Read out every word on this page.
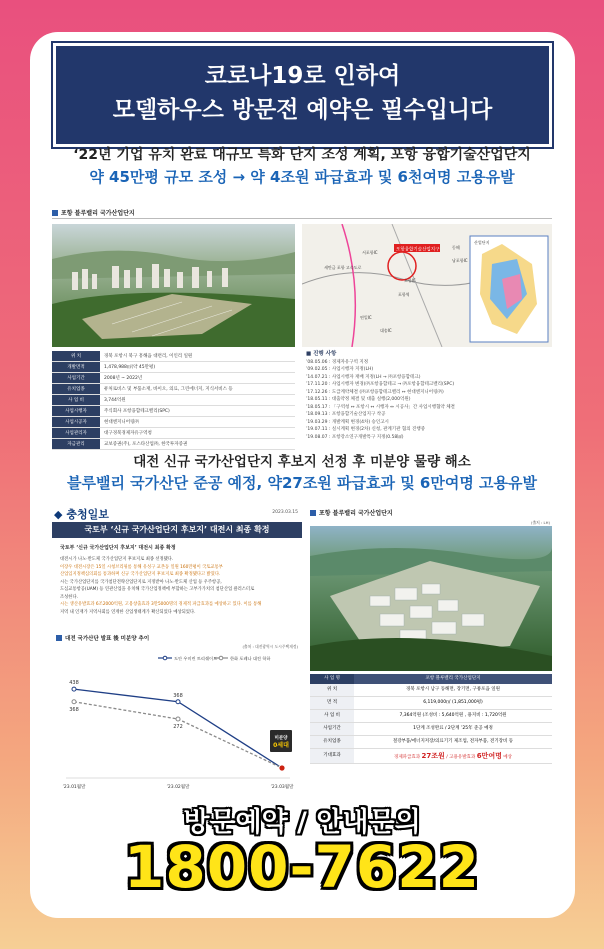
코로나19로 인하여
모델하우스 방문전 예약은 필수입니다
‘22년 기업 유치 완료 대규모 특화 단지 조성 계획, 포항 융합기술산업단지
약 45만평 규모 조성 → 약 4조원 파급효과 및 6천여명 고용유발
포항 블루밸리 국가산업단지
포항융합기술산업지구
서포항IC
포항IC
연일IC
대송IC
포항역
동해
남포항IC
새만금 포항 고속도로
산업단지
위 치	경북 포항시 북구 흥해읍 대련리, 이인리 일원
개발면적	1,478,988㎡(약 45만평)
사업기간	2008년 ~ 2022년
유치업종	퓨처로비스 및 부품소재, 바이오, 의료, 그린에너지, 지식서비스 등
사 업 비	3,744억원
사업시행자	주식회사 포항융합테크밸리(SPC)
사업시공자	현대엔지니어링㈜
사업관리자	대구경북경제자유구역청
자금관리	교보증권(주), 포스타산업㈜, 한국투자증권
■ 진행 사항
’08.05.06 : 경제자유구역 지정
’09.02.05 : 사업시행자 지정(LH)
’14.07.21 : 사업시행자 재배 지정(LH → ㈜포항융합테크)
’17.11.20 : 사업시행자 변경(㈜포항융합테크 → ㈜포항융합테크밸리(SPC)
’17.12.26 : 도급계약체결 (㈜포항융합테크밸리 ↔ 현대엔지니어링㈜)
’18.05.11 : 대출약정 체결 및 대출 실행(2,000억원)
’18.05.17 : 「구역청 ↔ 포항시 ↔ 시행자 ↔ 시공사」간 사업시행협약 체결
’18.09.13 : 포항융합기술산업지구 착공
’19.03.29 : 개발계획 변경(4차) 승인고시
’19.07.11 : 실시계획 변경(2차) 신청, 관계기관 협의 진행중
’19.08.07 : 포항강소연구개발특구 지정(0.58㎢)
대전 신규 국가산업단지 후보지 선정 후 미분양 물량 해소
블루밸리 국가산단 준공 예정, 약27조원 파급효과 및 6만여명 고용유발
◆ 충청일보	2023.03.15
국토부 ‘신규 국가산업단지 후보지’ 대전시 최종 확정
국토부 ‘신규 국가산업단지 후보지’ 대전시 최종 확정
대전시가 나노·반도체 국가산업단지 후보지로 최종 선정됐다.
이장우 대전시장은 15일 시청브리핑룸 통해 유성구 교촌동 일원 160만평이 국토교통부
산업입지정책심의회를 통과하며 신규 국가산업단지 후보지로 최종 확정됐다고 밝혔다.
시는 국가산업단지를 국가첨단전략산업단지로 지정받아 나노·반도체 산업 등 우주항공,
도심교통항공(UAM) 등 연관산업을 유치해 국가산업정책에 부합하는 고부가가치의 첨단산업 클러스터로
조성한다.
시는 생산유발효과 6조2000억원, 고용창출효과 3만5000명의 경제적 파급효과를 예상하고 있다. 이를 통해
지역 내 인재가 지역사회를 연계한 산업생태계가 확산되었다 예상되었다.
대전 국가산단 발표 後 미분양 추이
(출처 : 대전광역시 도시주택재정)
도안 우미린 트리쉐이드	한화 포레나 대전 학하
438
368
368
272
미분양
0세대
’23.01월말	’23.02월말	’23.03월말
포항 블루밸리 국가산업단지
(출처 : LH)
사 업 명	포항 블루밸리 국가산업단지
위 치	경북 포항시 남구 동해면, 장기면, 구룡포읍 일원
면 적	6,119,000㎡ (1,851,000평)
사 업 비	7,364억원 (조성비 : 5,640억원 , 용지비 : 1,720억원
사업기간	1단계 조성완료 / 2단계 ’25年 준공 예정
유치업종	철강부품/에너지저장/의료기기 제조업, 전자부품, 전기장비 등
기대효과	경제파급효과 27조원 / 고용유발효과 6만여명 예상
방문예약 / 안내문의
1800-7622
